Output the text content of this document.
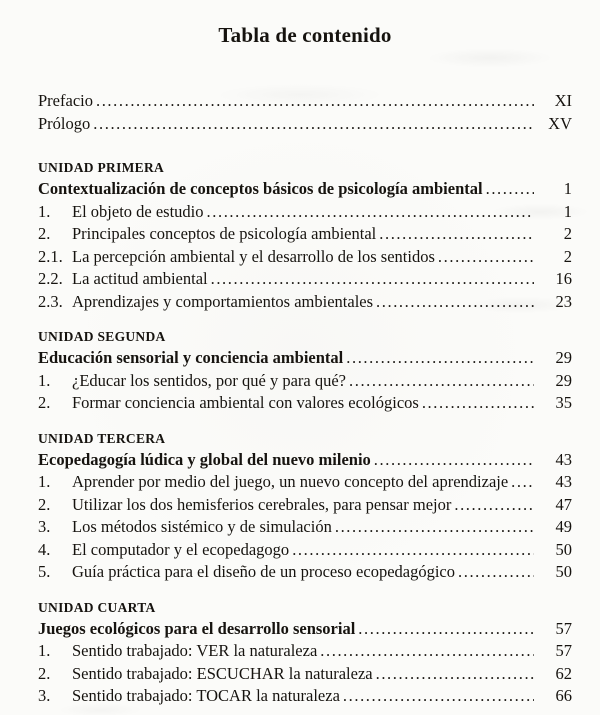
Tabla de contenido
Prefacio .....	XI
Prólogo .....	XV
UNIDAD PRIMERA
Contextualización de conceptos básicos de psicología ambiental .....	1
1.	El objeto de estudio .....	1
2.	Principales conceptos de psicología ambiental .....	2
2.1. La percepción ambiental y el desarrollo de los sentidos .....	2
2.2. La actitud ambiental .....	16
2.3. Aprendizajes y comportamientos ambientales .....	23
UNIDAD SEGUNDA
Educación sensorial y conciencia ambiental .....	29
1.	¿Educar los sentidos, por qué y para qué? .....	29
2.	Formar conciencia ambiental con valores ecológicos .....	35
UNIDAD TERCERA
Ecopedagogía lúdica y global del nuevo milenio .....	43
1.	Aprender por medio del juego, un nuevo concepto del aprendizaje .....	43
2.	Utilizar los dos hemisferios cerebrales, para pensar mejor .....	47
3.	Los métodos sistémico y de simulación .....	49
4.	El computador y el ecopedagogo .....	50
5.	Guía práctica para el diseño de un proceso ecopedagógico .....	50
UNIDAD CUARTA
Juegos ecológicos para el desarrollo sensorial .....	57
1.	Sentido trabajado: VER la naturaleza .....	57
2.	Sentido trabajado: ESCUCHAR la naturaleza .....	62
3.	Sentido trabajado: TOCAR la naturaleza .....	66
